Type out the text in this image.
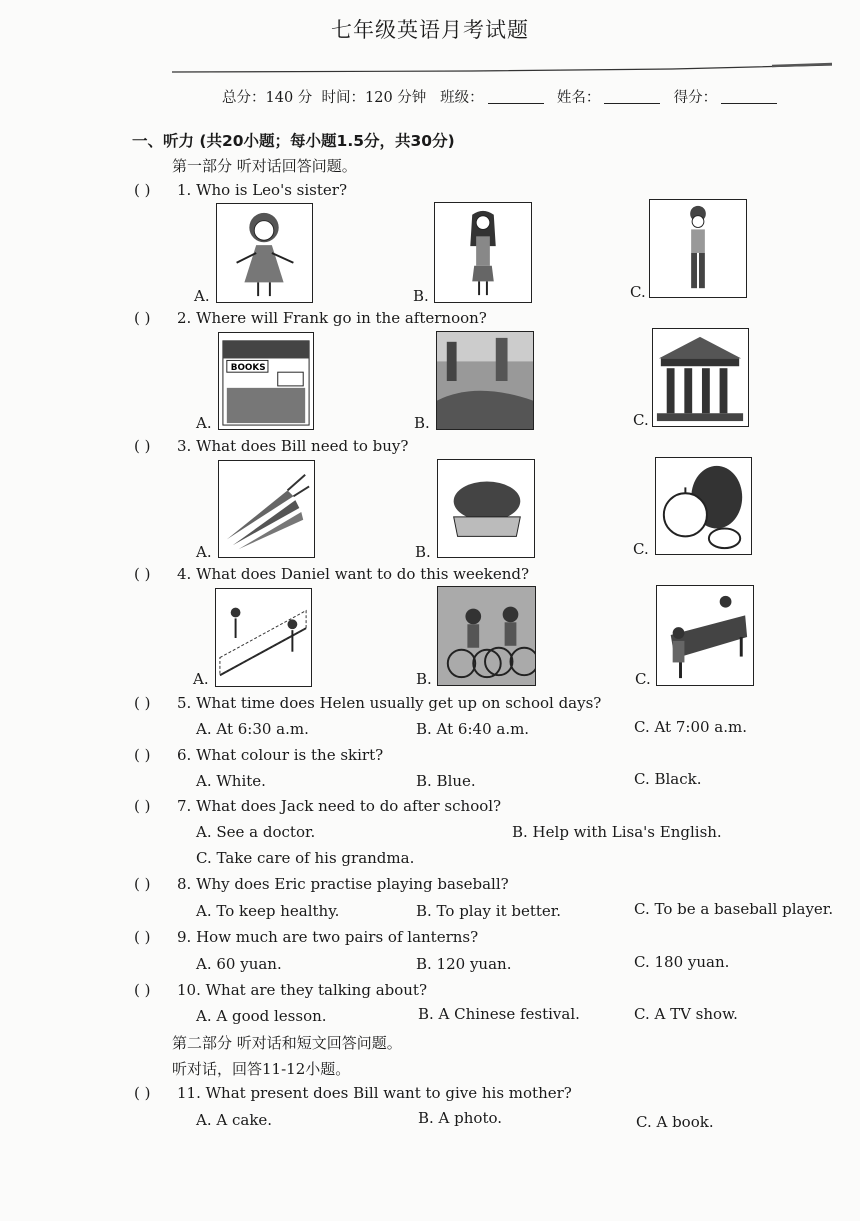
七年级英语月考试题
总分：140 分 时间：120 分钟 班级：	姓名：	得分：
一、听力 (共20小题；每小题1.5分，共30分)
第一部分 听对话回答问题。
( ) 1. Who is Leo's sister?
A.	B.	C.
( ) 2. Where will Frank go in the afternoon?
A.	B.	C.
BOOKS
( ) 3. What does Bill need to buy?
A.	B.	C.
( ) 4. What does Daniel want to do this weekend?
A.	B.	C.
( ) 5. What time does Helen usually get up on school days?
A. At 6:30 a.m.	B. At 6:40 a.m.	C. At 7:00 a.m.
( ) 6. What colour is the skirt?
A. White.	B. Blue.	C. Black.
( ) 7. What does Jack need to do after school?
A. See a doctor.	B. Help with Lisa's English.
C. Take care of his grandma.
( ) 8. Why does Eric practise playing baseball?
A. To keep healthy.	B. To play it better.	C. To be a baseball player.
( ) 9. How much are two pairs of lanterns?
A. 60 yuan.	B. 120 yuan.	C. 180 yuan.
( ) 10. What are they talking about?
A. A good lesson.	B. A Chinese festival.	C. A TV show.
第二部分 听对话和短文回答问题。
听对话，回答11-12小题。
( ) 11. What present does Bill want to give his mother?
A. A cake.	B. A photo.	C. A book.
